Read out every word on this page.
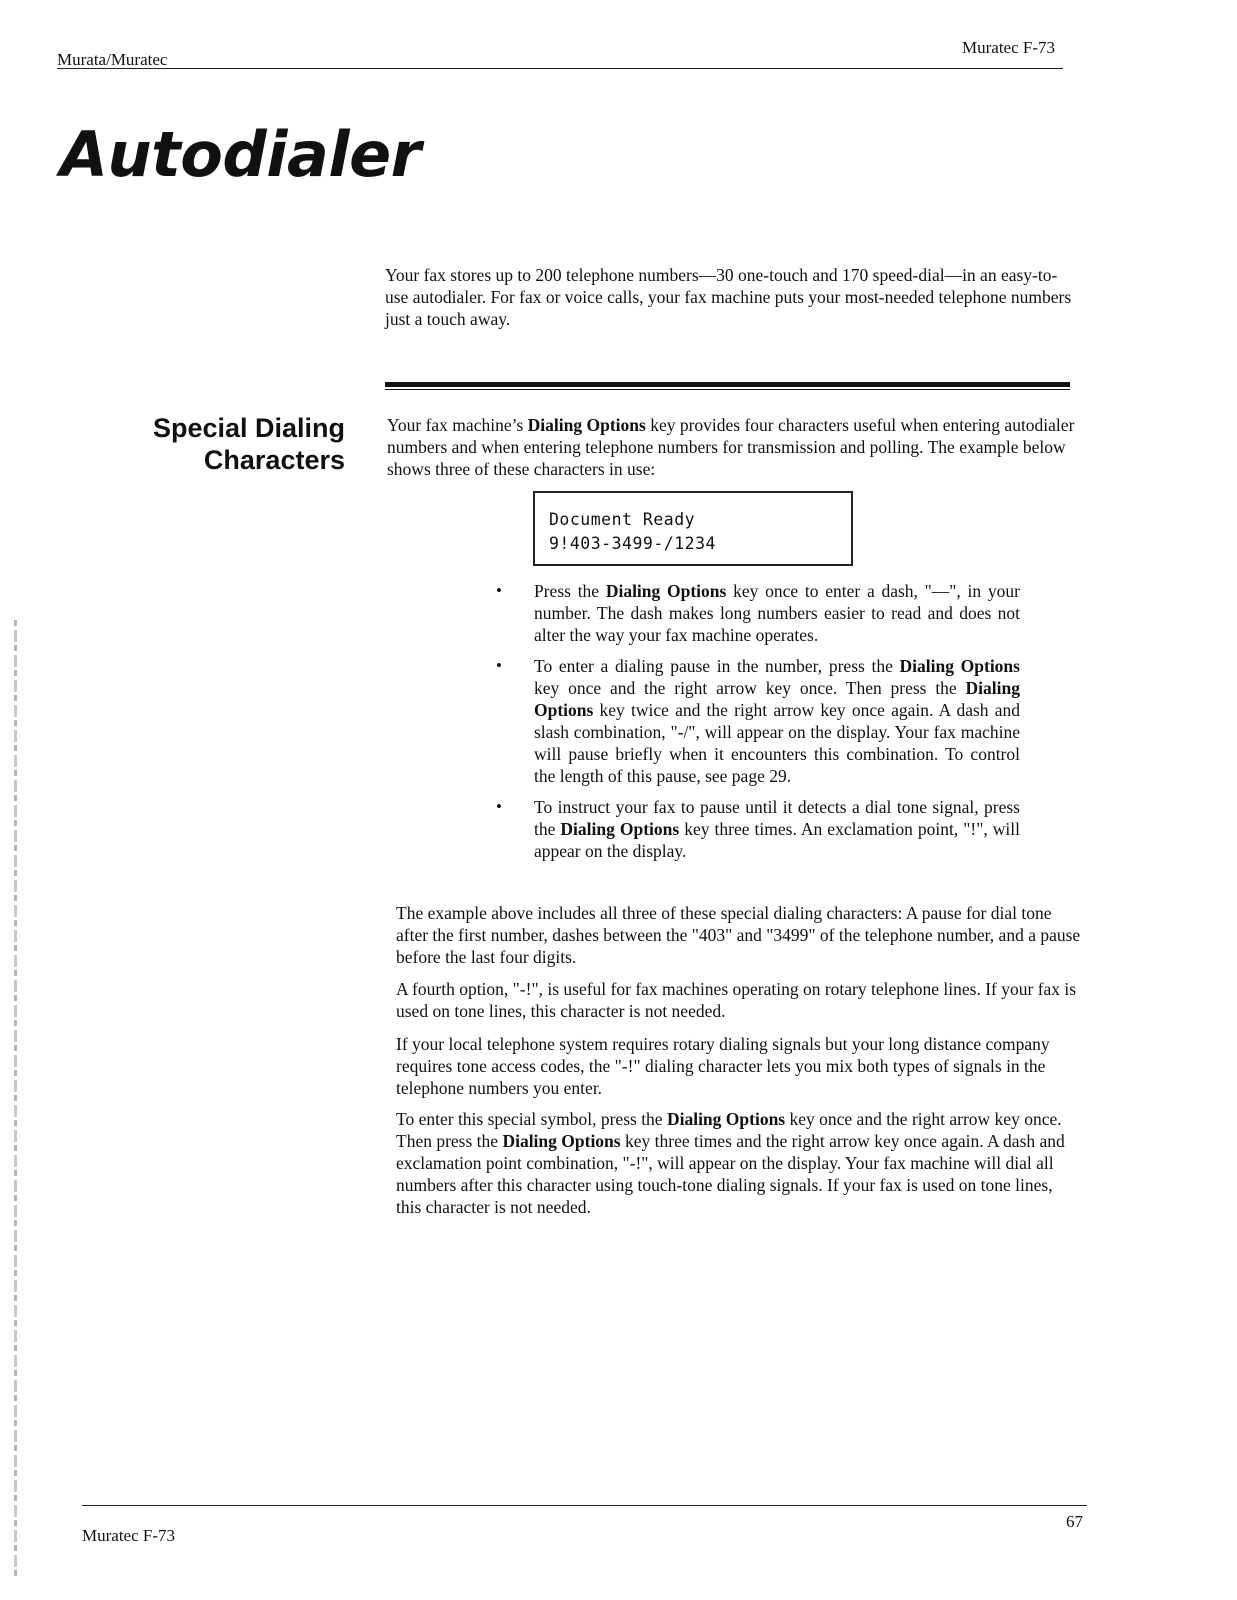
Murata/Muratec
Muratec F-73
Autodialer
Your fax stores up to 200 telephone numbers—30 one-touch and 170 speed-dial—in an easy-to-use autodialer. For fax or voice calls, your fax machine puts your most-needed telephone numbers just a touch away.
Special Dialing
Characters
Your fax machine’s Dialing Options key provides four characters useful when entering autodialer numbers and when entering telephone numbers for transmission and polling. The example below shows three of these characters in use:
Document Ready
9!403-3499-/1234
• Press the Dialing Options key once to enter a dash, "—", in your number. The dash makes long numbers easier to read and does not alter the way your fax machine operates.
• To enter a dialing pause in the number, press the Dialing Options key once and the right arrow key once. Then press the Dialing Options key twice and the right arrow key once again. A dash and slash combination, "-/", will appear on the display. Your fax machine will pause briefly when it encounters this combination. To control the length of this pause, see page 29.
• To instruct your fax to pause until it detects a dial tone signal, press the Dialing Options key three times. An exclamation point, "!", will appear on the display.
The example above includes all three of these special dialing characters: A pause for dial tone after the first number, dashes between the "403" and "3499" of the telephone number, and a pause before the last four digits.
A fourth option, "-!", is useful for fax machines operating on rotary telephone lines. If your fax is used on tone lines, this character is not needed.
If your local telephone system requires rotary dialing signals but your long distance company requires tone access codes, the "-!" dialing character lets you mix both types of signals in the telephone numbers you enter.
To enter this special symbol, press the Dialing Options key once and the right arrow key once. Then press the Dialing Options key three times and the right arrow key once again. A dash and exclamation point combination, "-!", will appear on the display. Your fax machine will dial all numbers after this character using touch-tone dialing signals. If your fax is used on tone lines, this character is not needed.
Muratec F-73
67
